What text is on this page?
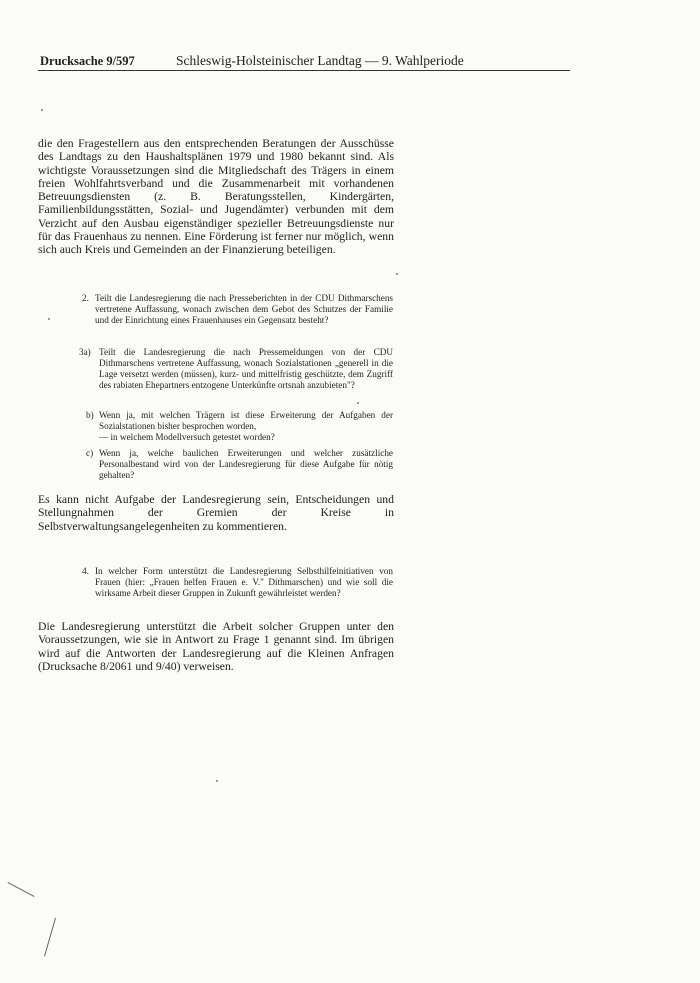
Drucksache 9/597	Schleswig-Holsteinischer Landtag — 9. Wahlperiode

die den Fragestellern aus den entsprechenden Beratungen der Ausschüsse des Landtags zu den Haushaltsplänen 1979 und 1980 bekannt sind. Als wichtigste Voraussetzungen sind die Mitgliedschaft des Trägers in einem freien Wohlfahrtsverband und die Zusammenarbeit mit vorhandenen Betreuungsdiensten (z. B. Beratungsstellen, Kindergärten, Familienbildungsstätten, Sozial- und Jugendämter) verbunden mit dem Verzicht auf den Ausbau eigenständiger spezieller Betreuungsdienste nur für das Frauenhaus zu nennen. Eine Förderung ist ferner nur möglich, wenn sich auch Kreis und Gemeinden an der Finanzierung beteiligen.

2. Teilt die Landesregierung die nach Presseberichten in der CDU Dithmarschens vertretene Auffassung, wonach zwischen dem Gebot des Schutzes der Familie und der Einrichtung eines Frauenhauses ein Gegensatz besteht?

3a) Teilt die Landesregierung die nach Pressemeldungen von der CDU Dithmarschens vertretene Auffassung, wonach Sozialstationen „generell in die Lage versetzt werden (müssen), kurz- und mittelfristig geschützte, dem Zugriff des rabiaten Ehepartners entzogene Unterkünfte ortsnah anzubieten"?

b) Wenn ja, mit welchen Trägern ist diese Erweiterung der Aufgaben der Sozialstationen bisher besprochen worden,
— in welchem Modellversuch getestet worden?

c) Wenn ja, welche baulichen Erweiterungen und welcher zusätzliche Personalbestand wird von der Landesregierung für diese Aufgabe für nötig gehalten?

Es kann nicht Aufgabe der Landesregierung sein, Entscheidungen und Stellungnahmen der Gremien der Kreise in Selbstverwaltungsangelegenheiten zu kommentieren.

4. In welcher Form unterstützt die Landesregierung Selbsthilfeinitiativen von Frauen (hier: „Frauen helfen Frauen e. V." Dithmarschen) und wie soll die wirksame Arbeit dieser Gruppen in Zukunft gewährleistet werden?

Die Landesregierung unterstützt die Arbeit solcher Gruppen unter den Voraussetzungen, wie sie in Antwort zu Frage 1 genannt sind. Im übrigen wird auf die Antworten der Landesregierung auf die Kleinen Anfragen (Drucksache 8/2061 und 9/40) verweisen.
